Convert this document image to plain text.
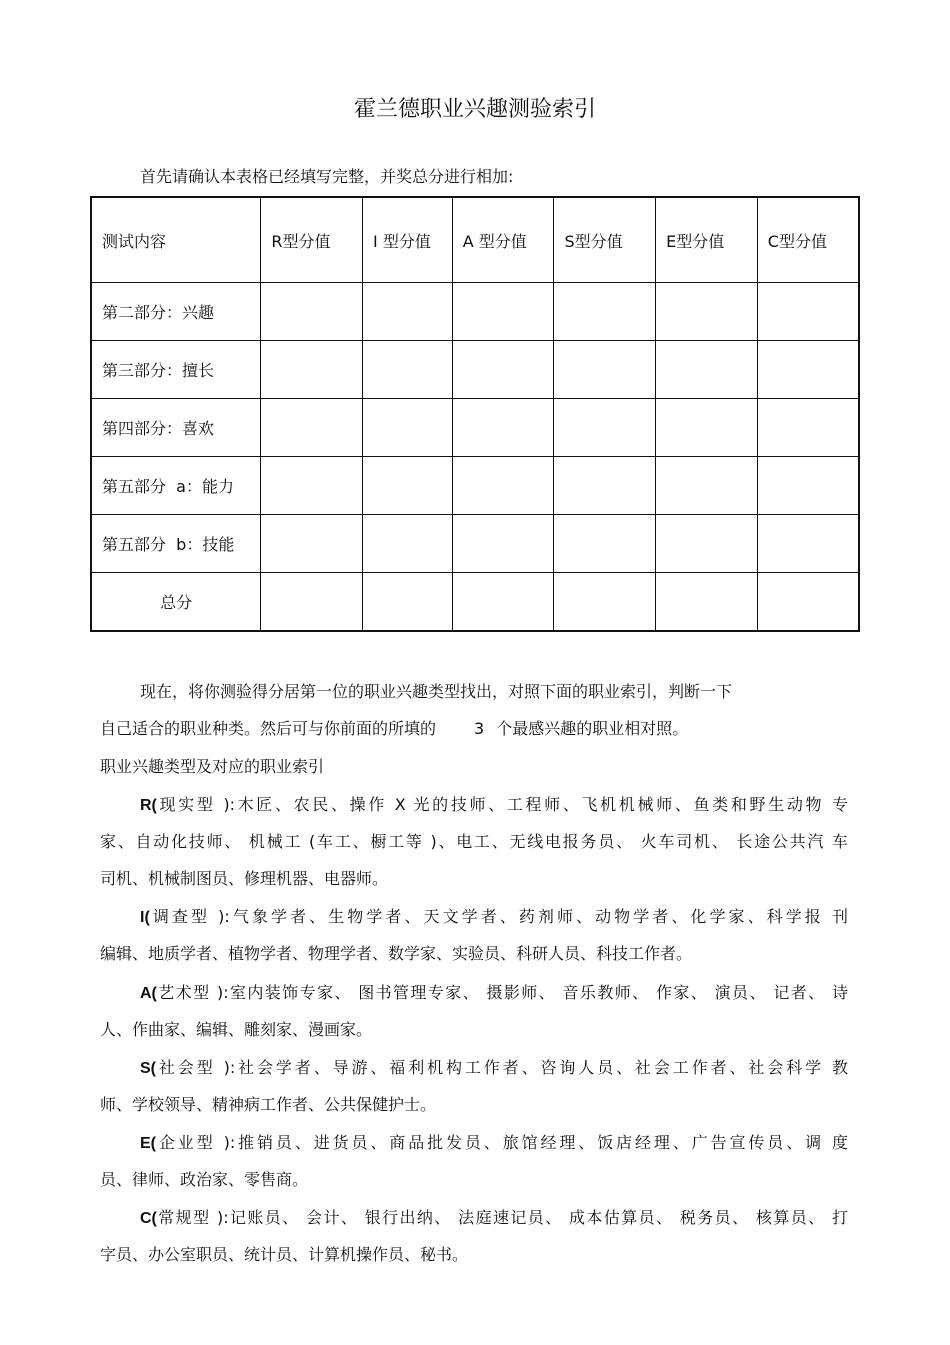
霍兰德职业兴趣测验索引
首先请确认本表格已经填写完整，并奖总分进行相加:
测试内容	R型分值	I 型分值	A 型分值	S型分值	E型分值	C型分值
第二部分：兴趣						
第三部分：擅长						
第四部分：喜欢						
第五部分  a：能力						
第五部分  b：技能						
总分						
现在，将你测验得分居第一位的职业兴趣类型找出，对照下面的职业索引，判断一下
自己适合的职业种类。然后可与你前面的所填的 3 个最感兴趣的职业相对照。
职业兴趣类型及对应的职业索引
R(现实型 ):木匠、农民、操作 X 光的技师、工程师、飞机机械师、鱼类和野生动物 专
家、自动化技师、 机械工 (车工、橱工等 )、电工、无线电报务员、 火车司机、 长途公共汽 车
司机、机械制图员、修理机器、电器师。
I(调查型 ):气象学者、生物学者、天文学者、药剂师、动物学者、化学家、科学报 刊
编辑、地质学者、植物学者、物理学者、数学家、实验员、科研人员、科技工作者。
A(艺术型 ):室内装饰专家、 图书管理专家、 摄影师、 音乐教师、 作家、 演员、 记者、 诗
人、作曲家、编辑、雕刻家、漫画家。
S(社会型 ):社会学者、导游、福利机构工作者、咨询人员、社会工作者、社会科学 教
师、学校领导、精神病工作者、公共保健护士。
E(企业型 ):推销员、进货员、商品批发员、旅馆经理、饭店经理、广告宣传员、调 度
员、律师、政治家、零售商。
C(常规型 ):记账员、 会计、 银行出纳、 法庭速记员、 成本估算员、 税务员、 核算员、 打
字员、办公室职员、统计员、计算机操作员、秘书。
